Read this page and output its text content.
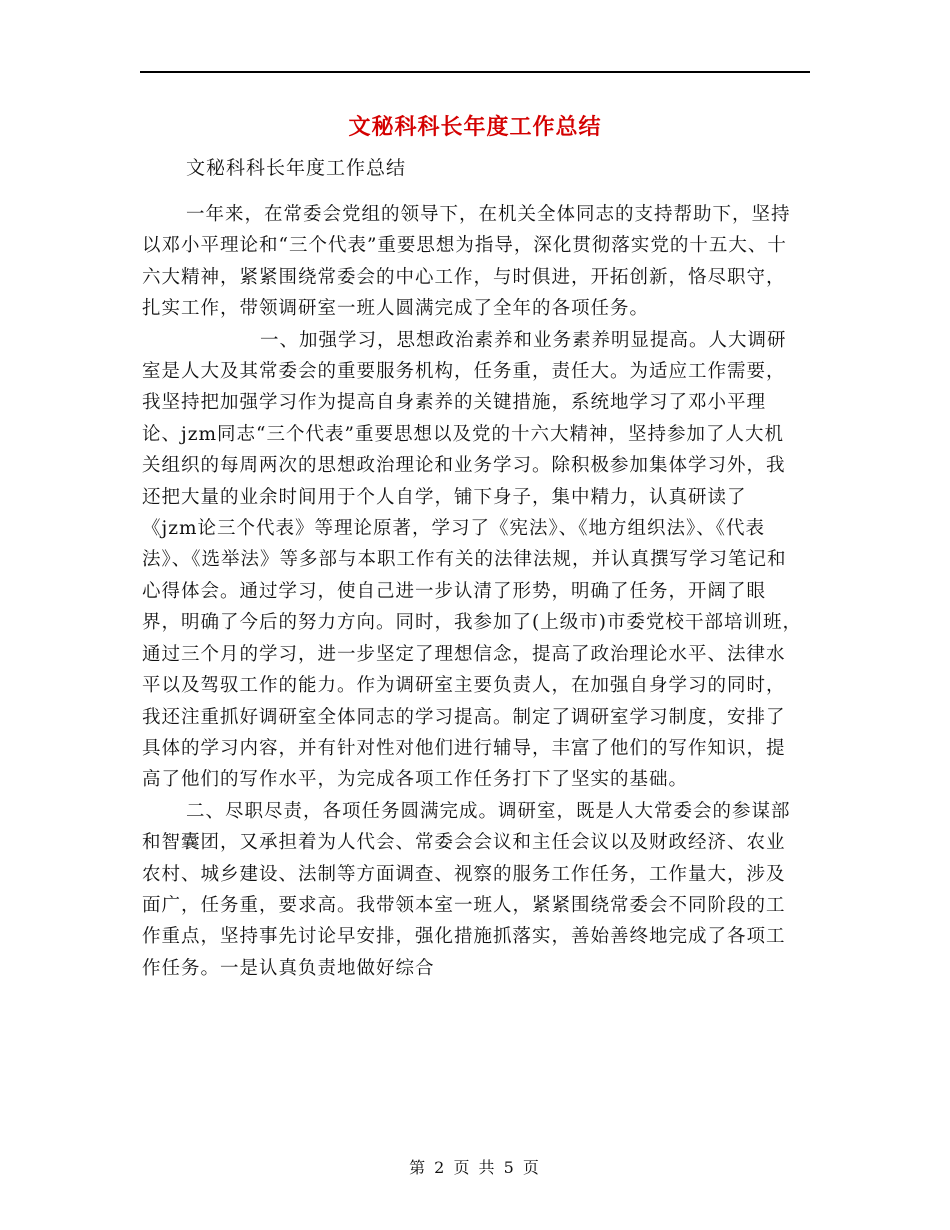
文秘科科长年度工作总结
文秘科科长年度工作总结

一年来，在常委会党组的领导下，在机关全体同志的支持帮助下，坚持以邓小平理论和“三个代表”重要思想为指导，深化贯彻落实党的十五大、十六大精神，紧紧围绕常委会的中心工作，与时俱进，开拓创新，恪尽职守，扎实工作，带领调研室一班人圆满完成了全年的各项任务。

一、加强学习，思想政治素养和业务素养明显提高。人大调研室是人大及其常委会的重要服务机构，任务重，责任大。为适应工作需要，我坚持把加强学习作为提高自身素养的关键措施，系统地学习了邓小平理论、jzm同志“三个代表”重要思想以及党的十六大精神，坚持参加了人大机关组织的每周两次的思想政治理论和业务学习。除积极参加集体学习外，我还把大量的业余时间用于个人自学，铺下身子，集中精力，认真研读了《jzm论三个代表》等理论原著，学习了《宪法》、《地方组织法》、《代表法》、《选举法》等多部与本职工作有关的法律法规，并认真撰写学习笔记和心得体会。通过学习，使自己进一步认清了形势，明确了任务，开阔了眼界，明确了今后的努力方向。同时，我参加了(上级市)市委党校干部培训班，通过三个月的学习，进一步坚定了理想信念，提高了政治理论水平、法律水平以及驾驭工作的能力。作为调研室主要负责人，在加强自身学习的同时，我还注重抓好调研室全体同志的学习提高。制定了调研室学习制度，安排了具体的学习内容，并有针对性对他们进行辅导，丰富了他们的写作知识，提高了他们的写作水平，为完成各项工作任务打下了坚实的基础。

二、尽职尽责，各项任务圆满完成。调研室，既是人大常委会的参谋部和智囊团，又承担着为人代会、常委会会议和主任会议以及财政经济、农业农村、城乡建设、法制等方面调查、视察的服务工作任务，工作量大，涉及面广，任务重，要求高。我带领本室一班人，紧紧围绕常委会不同阶段的工作重点，坚持事先讨论早安排，强化措施抓落实，善始善终地完成了各项工作任务。一是认真负责地做好综合

第 2 页 共 5 页
